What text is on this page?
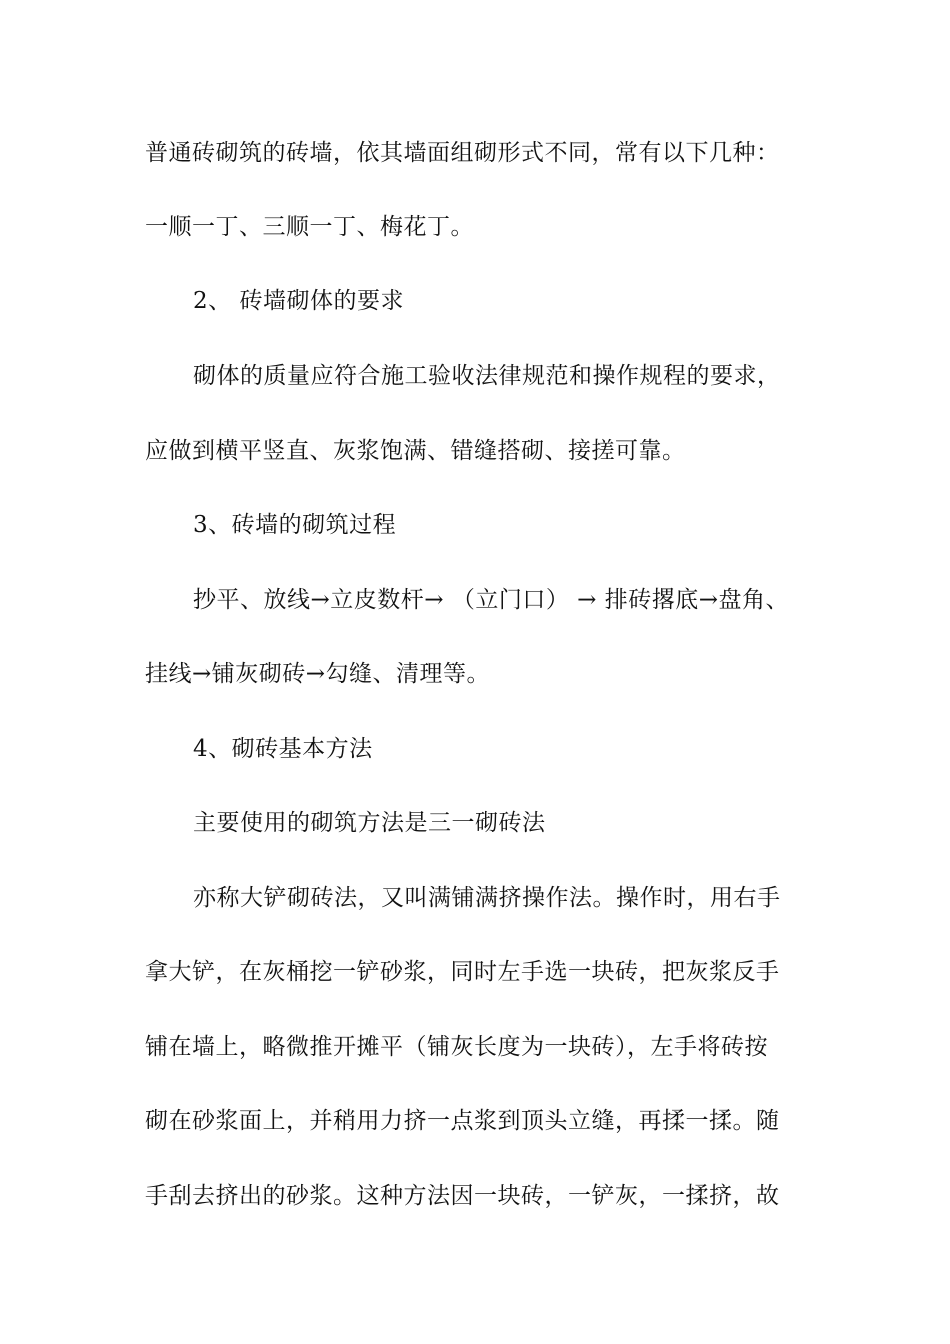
普通砖砌筑的砖墙，依其墙面组砌形式不同，常有以下几种：
一顺一丁、三顺一丁、梅花丁。
2、 砖墙砌体的要求
砌体的质量应符合施工验收法律规范和操作规程的要求，
应做到横平竖直、灰浆饱满、错缝搭砌、接搓可靠。
3、砖墙的砌筑过程
抄平、放线→立皮数杆→ （立门口） → 排砖撂底→盘角、
挂线→铺灰砌砖→勾缝、清理等。
4、砌砖基本方法
主要使用的砌筑方法是三一砌砖法
亦称大铲砌砖法，又叫满铺满挤操作法。操作时，用右手
拿大铲，在灰桶挖一铲砂浆，同时左手选一块砖，把灰浆反手
铺在墙上，略微推开摊平（铺灰长度为一块砖），左手将砖按
砌在砂浆面上，并稍用力挤一点浆到顶头立缝，再揉一揉。随
手刮去挤出的砂浆。这种方法因一块砖，一铲灰，一揉挤，故
